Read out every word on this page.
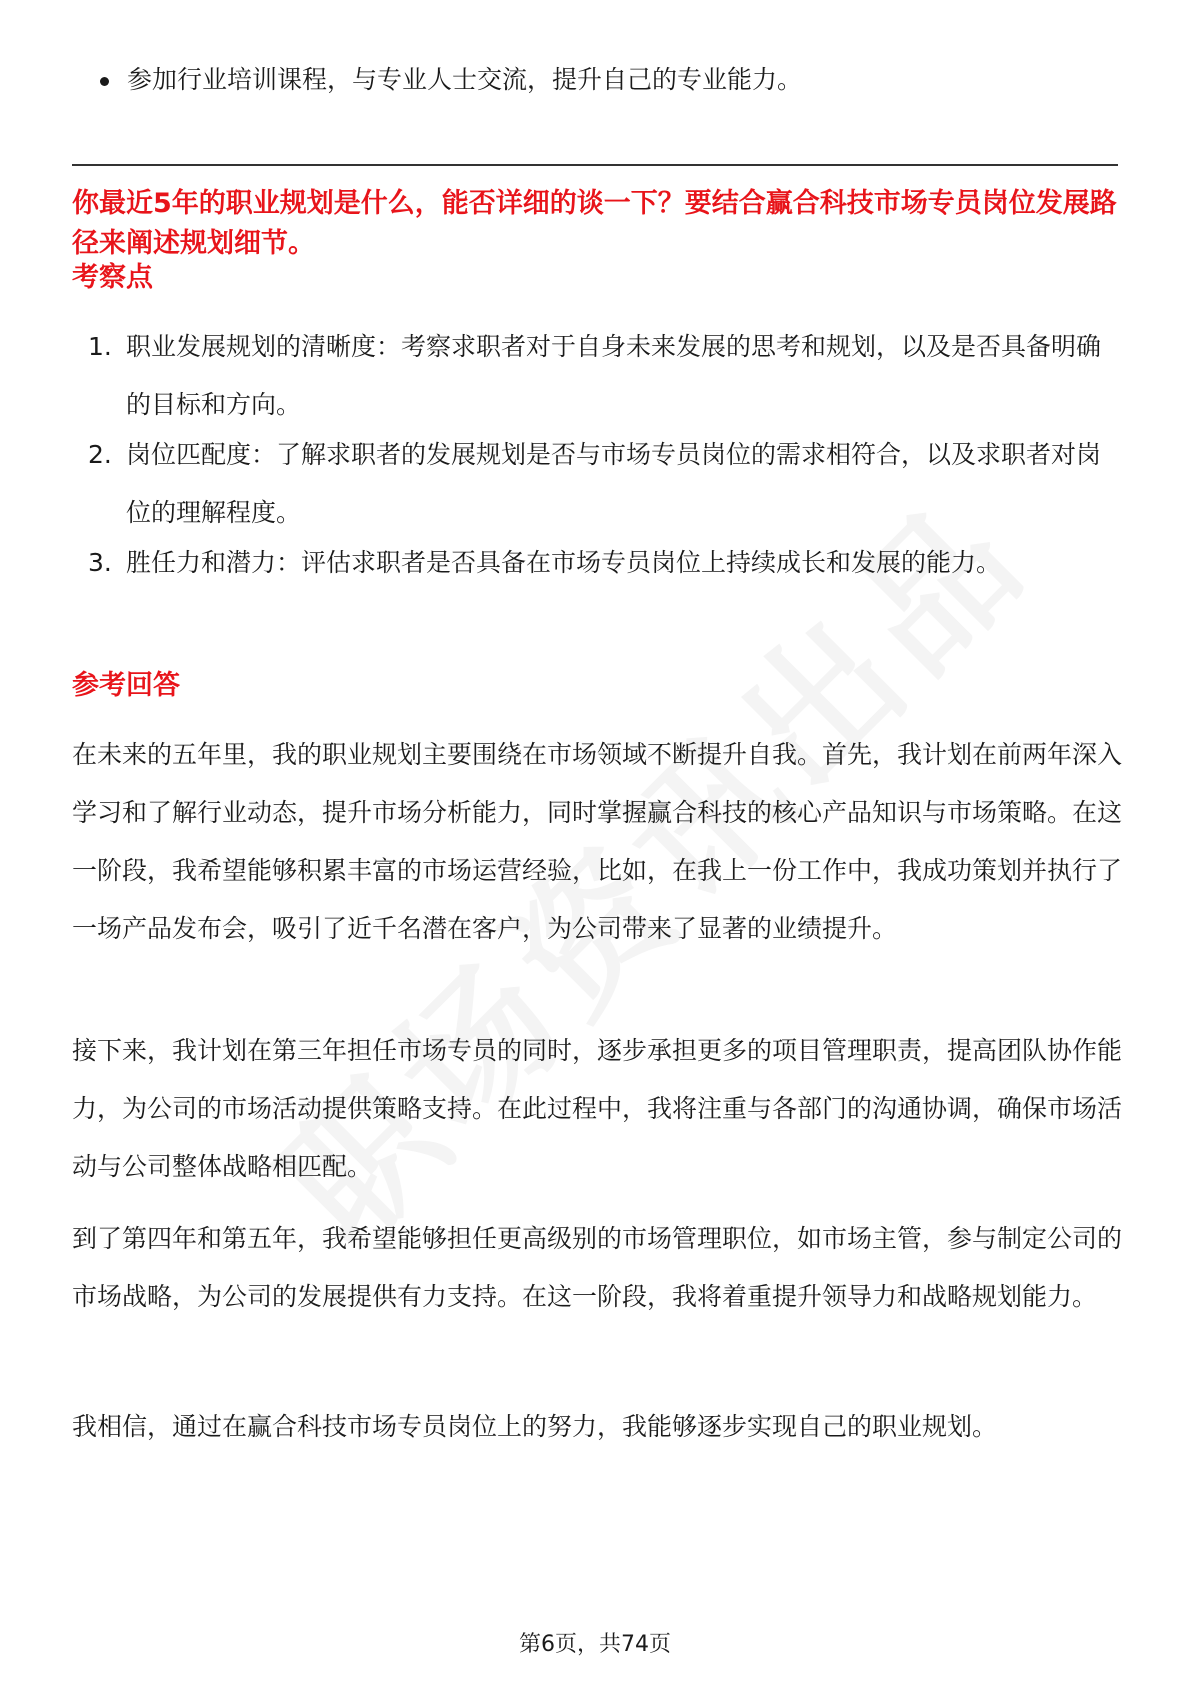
参加行业培训课程，与专业人士交流，提升自己的专业能力。
你最近5年的职业规划是什么，能否详细的谈一下？要结合赢合科技市场专员岗位发展路径来阐述规划细节。
考察点
1. 职业发展规划的清晰度：考察求职者对于自身未来发展的思考和规划，以及是否具备明确的目标和方向。
2. 岗位匹配度：了解求职者的发展规划是否与市场专员岗位的需求相符合，以及求职者对岗位的理解程度。
3. 胜任力和潜力：评估求职者是否具备在市场专员岗位上持续成长和发展的能力。
参考回答
在未来的五年里，我的职业规划主要围绕在市场领域不断提升自我。首先，我计划在前两年深入学习和了解行业动态，提升市场分析能力，同时掌握赢合科技的核心产品知识与市场策略。在这一阶段，我希望能够积累丰富的市场运营经验，比如，在我上一份工作中，我成功策划并执行了一场产品发布会，吸引了近千名潜在客户，为公司带来了显著的业绩提升。
接下来，我计划在第三年担任市场专员的同时，逐步承担更多的项目管理职责，提高团队协作能力，为公司的市场活动提供策略支持。在此过程中，我将注重与各部门的沟通协调，确保市场活动与公司整体战略相匹配。
到了第四年和第五年，我希望能够担任更高级别的市场管理职位，如市场主管，参与制定公司的市场战略，为公司的发展提供有力支持。在这一阶段，我将着重提升领导力和战略规划能力。
我相信，通过在赢合科技市场专员岗位上的努力，我能够逐步实现自己的职业规划。
第6页，共74页
